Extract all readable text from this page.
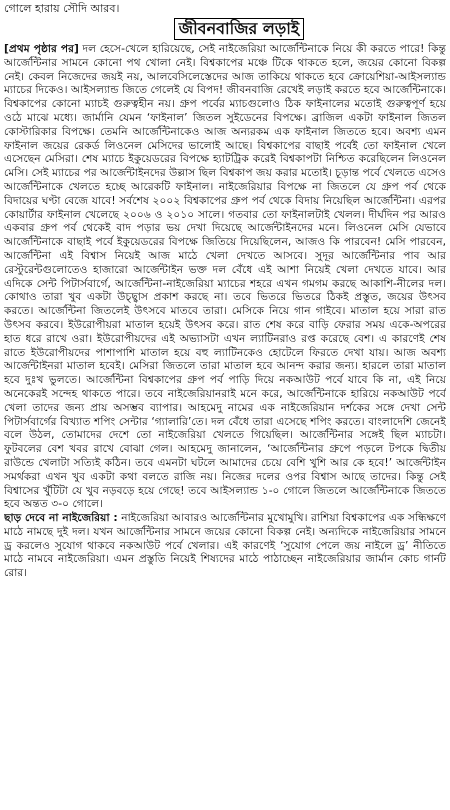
গোলে হারায় সৌদি আরব।
জীবনবাজির লড়াই

[প্রথম পৃষ্ঠার পর] দল হেসে-খেলে হারিয়েছে, সেই নাইজেরিয়া আর্জেন্টিনাকে নিয়ে কী করতে পারে! কিন্তু আর্জেন্টিনার সামনে কোনো পথ খোলা নেই। বিশ্বকাপের মঞ্চে টিকে থাকতে হলে, জয়ের কোনো বিকল্প নেই। কেবল নিজেদের জয়ই নয়, আলবেসিলেস্তেদের আজ তাকিয়ে থাকতে হবে ক্রোয়েশিয়া-আইসল্যান্ড ম্যাচের দিকেও। আইসল্যান্ড জিতে গেলেই যে বিপদ! জীবনবাজি রেখেই লড়াই করতে হবে আর্জেন্টিনাকে। বিশ্বকাপের কোনো ম্যাচই গুরুত্বহীন নয়। গ্রুপ পর্বের ম্যাচগুলোও ঠিক ফাইনালের মতোই গুরুত্বপূর্ণ হয়ে ওঠে মাঝে মধ্যে। জার্মানি যেমন ‘ফাইনাল’ জিতল সুইডেনের বিপক্ষে। ব্রাজিল একটা ফাইনাল জিতল কোস্টারিকার বিপক্ষে। তেমনি আর্জেন্টিনাকেও আজ অন্যরকম এক ফাইনাল জিততে হবে। অবশ্য এমন ফাইনাল জয়ের রেকর্ড লিওনেল মেসিদের ভালোই আছে। বিশ্বকাপের বাছাই পর্বেই তো ফাইনাল খেলে এসেছেন মেসিরা। শেষ ম্যাচে ইকুয়েডরের বিপক্ষে হ্যাটট্রিক করেই বিশ্বকাপটা নিশ্চিত করেছিলেন লিওনেল মেসি। সেই ম্যাচের পর আর্জেন্টাইনদের উল্লাস ছিল বিশ্বকাপ জয় করার মতোই। চূড়ান্ত পর্বে খেলতে এসেও আর্জেন্টিনাকে খেলতে হচ্ছে আরেকটি ফাইনাল। নাইজেরিয়ার বিপক্ষে না জিতলে যে গ্রুপ পর্ব থেকে বিদায়ের ঘণ্টা বেজে যাবে! সর্বশেষ ২০০২ বিশ্বকাপের গ্রুপ পর্ব থেকে বিদায় নিয়েছিল আর্জেন্টিনা। এরপর কোয়ার্টার ফাইনাল খেলেছে ২০০৬ ও ২০১০ সালে। গতবার তো ফাইনালটাই খেলল। দীর্ঘদিন পর আরও একবার গ্রুপ পর্ব থেকেই বাদ পড়ার ভয় দেখা দিয়েছে আর্জেন্টাইনদের মনে। লিওনেল মেসি যেভাবে আর্জেন্টিনাকে বাছাই পর্বে ইকুয়েডরের বিপক্ষে জিতিয়ে দিয়েছিলেন, আজও কি পারবেন! মেসি পারবেন, আর্জেন্টিনা এই বিশ্বাস নিয়েই আজ মাঠে খেলা দেখতে আসবে। সুদূর আর্জেন্টিনার পাব আর রেস্টুরেন্টগুলোতেও হাজারো আর্জেন্টাইন ভক্ত দল বেঁধে এই আশা নিয়েই খেলা দেখতে যাবে। আর এদিকে সেন্ট পিটার্সবার্গে, আর্জেন্টিনা-নাইজেরিয়া ম্যাচের শহরে এখন গমগম করছে আকাশি-নীলের দল। কোথাও তারা খুব একটা উচ্ছ্বাস প্রকাশ করছে না। তবে ভিতরে ভিতরে ঠিকই প্রস্তুত, জয়ের উৎসব করতে। আর্জেন্টিনা জিতলেই উৎসবে মাতবে তারা। মেসিকে নিয়ে গান গাইবে। মাতাল হয়ে সারা রাত উৎসব করবে। ইউরোপীয়রা মাতাল হয়েই উৎসব করে। রাত শেষ করে বাড়ি ফেরার সময় একে-অপরের হাত ধরে রাখে ওরা। ইউরোপীয়দের এই অভ্যাসটা এখন ল্যাটিনরাও রপ্ত করেছে বেশ। এ কারণেই শেষ রাতে ইউরোপীয়দের পাশাপাশি মাতাল হয়ে বহু ল্যাটিনকেও হোটেলে ফিরতে দেখা যায়। আজ অবশ্য আর্জেন্টাইনরা মাতাল হবেই। মেসিরা জিতলে তারা মাতাল হবে আনন্দ করার জন্য। হারলে তারা মাতাল হবে দুঃখ ভুলতে। আর্জেন্টিনা বিশ্বকাপের গ্রুপ পর্ব পাড়ি দিয়ে নকআউট পর্বে যাবে কি না, এই নিয়ে অনেকেরই সন্দেহ থাকতে পারে। তবে নাইজেরিয়ানরাই মনে করে, আর্জেন্টিনাকে হারিয়ে নকআউট পর্বে খেলা তাদের জন্য প্রায় অসম্ভব ব্যাপার। আহমেদু নামের এক নাইজেরিয়ান দর্শকের সঙ্গে দেখা সেন্ট পিটার্সবার্গের বিখ্যাত শপিং সেন্টার ‘গ্যালারি’তে। দল বেঁধে তারা এসেছে শপিং করতে। বাংলাদেশি জেনেই বলে উঠল, তোমাদের দেশে তো নাইজেরিয়া খেলতে গিয়েছিল। আর্জেন্টিনার সঙ্গেই ছিল ম্যাচটা। ফুটবলের বেশ খবর রাখে বোঝা গেল। আহমেদু জানালেন, ‘আর্জেন্টিনার গ্রুপে পড়লে টপকে দ্বিতীয় রাউন্ডে খেলাটা সত্যিই কঠিন। তবে এমনটা ঘটলে আমাদের চেয়ে বেশি খুশি আর কে হবে!’ আর্জেন্টাইন সমর্থকরা এখন খুব একটা কথা বলতে রাজি নয়। নিজের দলের ওপর বিশ্বাস আছে তাদের। কিন্তু সেই বিশ্বাসের খুঁটিটা যে খুব নড়বড়ে হয়ে গেছে! তবে আইসল্যান্ড ১-০ গোলে জিতলে আর্জেন্টিনাকে জিততে হবে অন্তত ৩-০ গোলে।

ছাড় দেবে না নাইজেরিয়া : নাইজেরিয়া আবারও আর্জেন্টিনার মুখোমুখি। রাশিয়া বিশ্বকাপের এক সন্ধিক্ষণে মাঠে নামছে দুই দল। যখন আর্জেন্টিনার সামনে জয়ের কোনো বিকল্প নেই। অন্যদিকে নাইজেরিয়ার সামনে ড্র করলেও সুযোগ থাকবে নকআউট পর্বে খেলার। এই কারণেই ‘সুযোগ পেলে জয় নাইলে ড্র’ নীতিতে মাঠে নামবে নাইজেরিয়া। এমন প্রস্তুতি নিয়েই শিষ্যদের মাঠে পাঠাচ্ছেন নাইজেরিয়ার জার্মান কোচ গার্নট রোর।
